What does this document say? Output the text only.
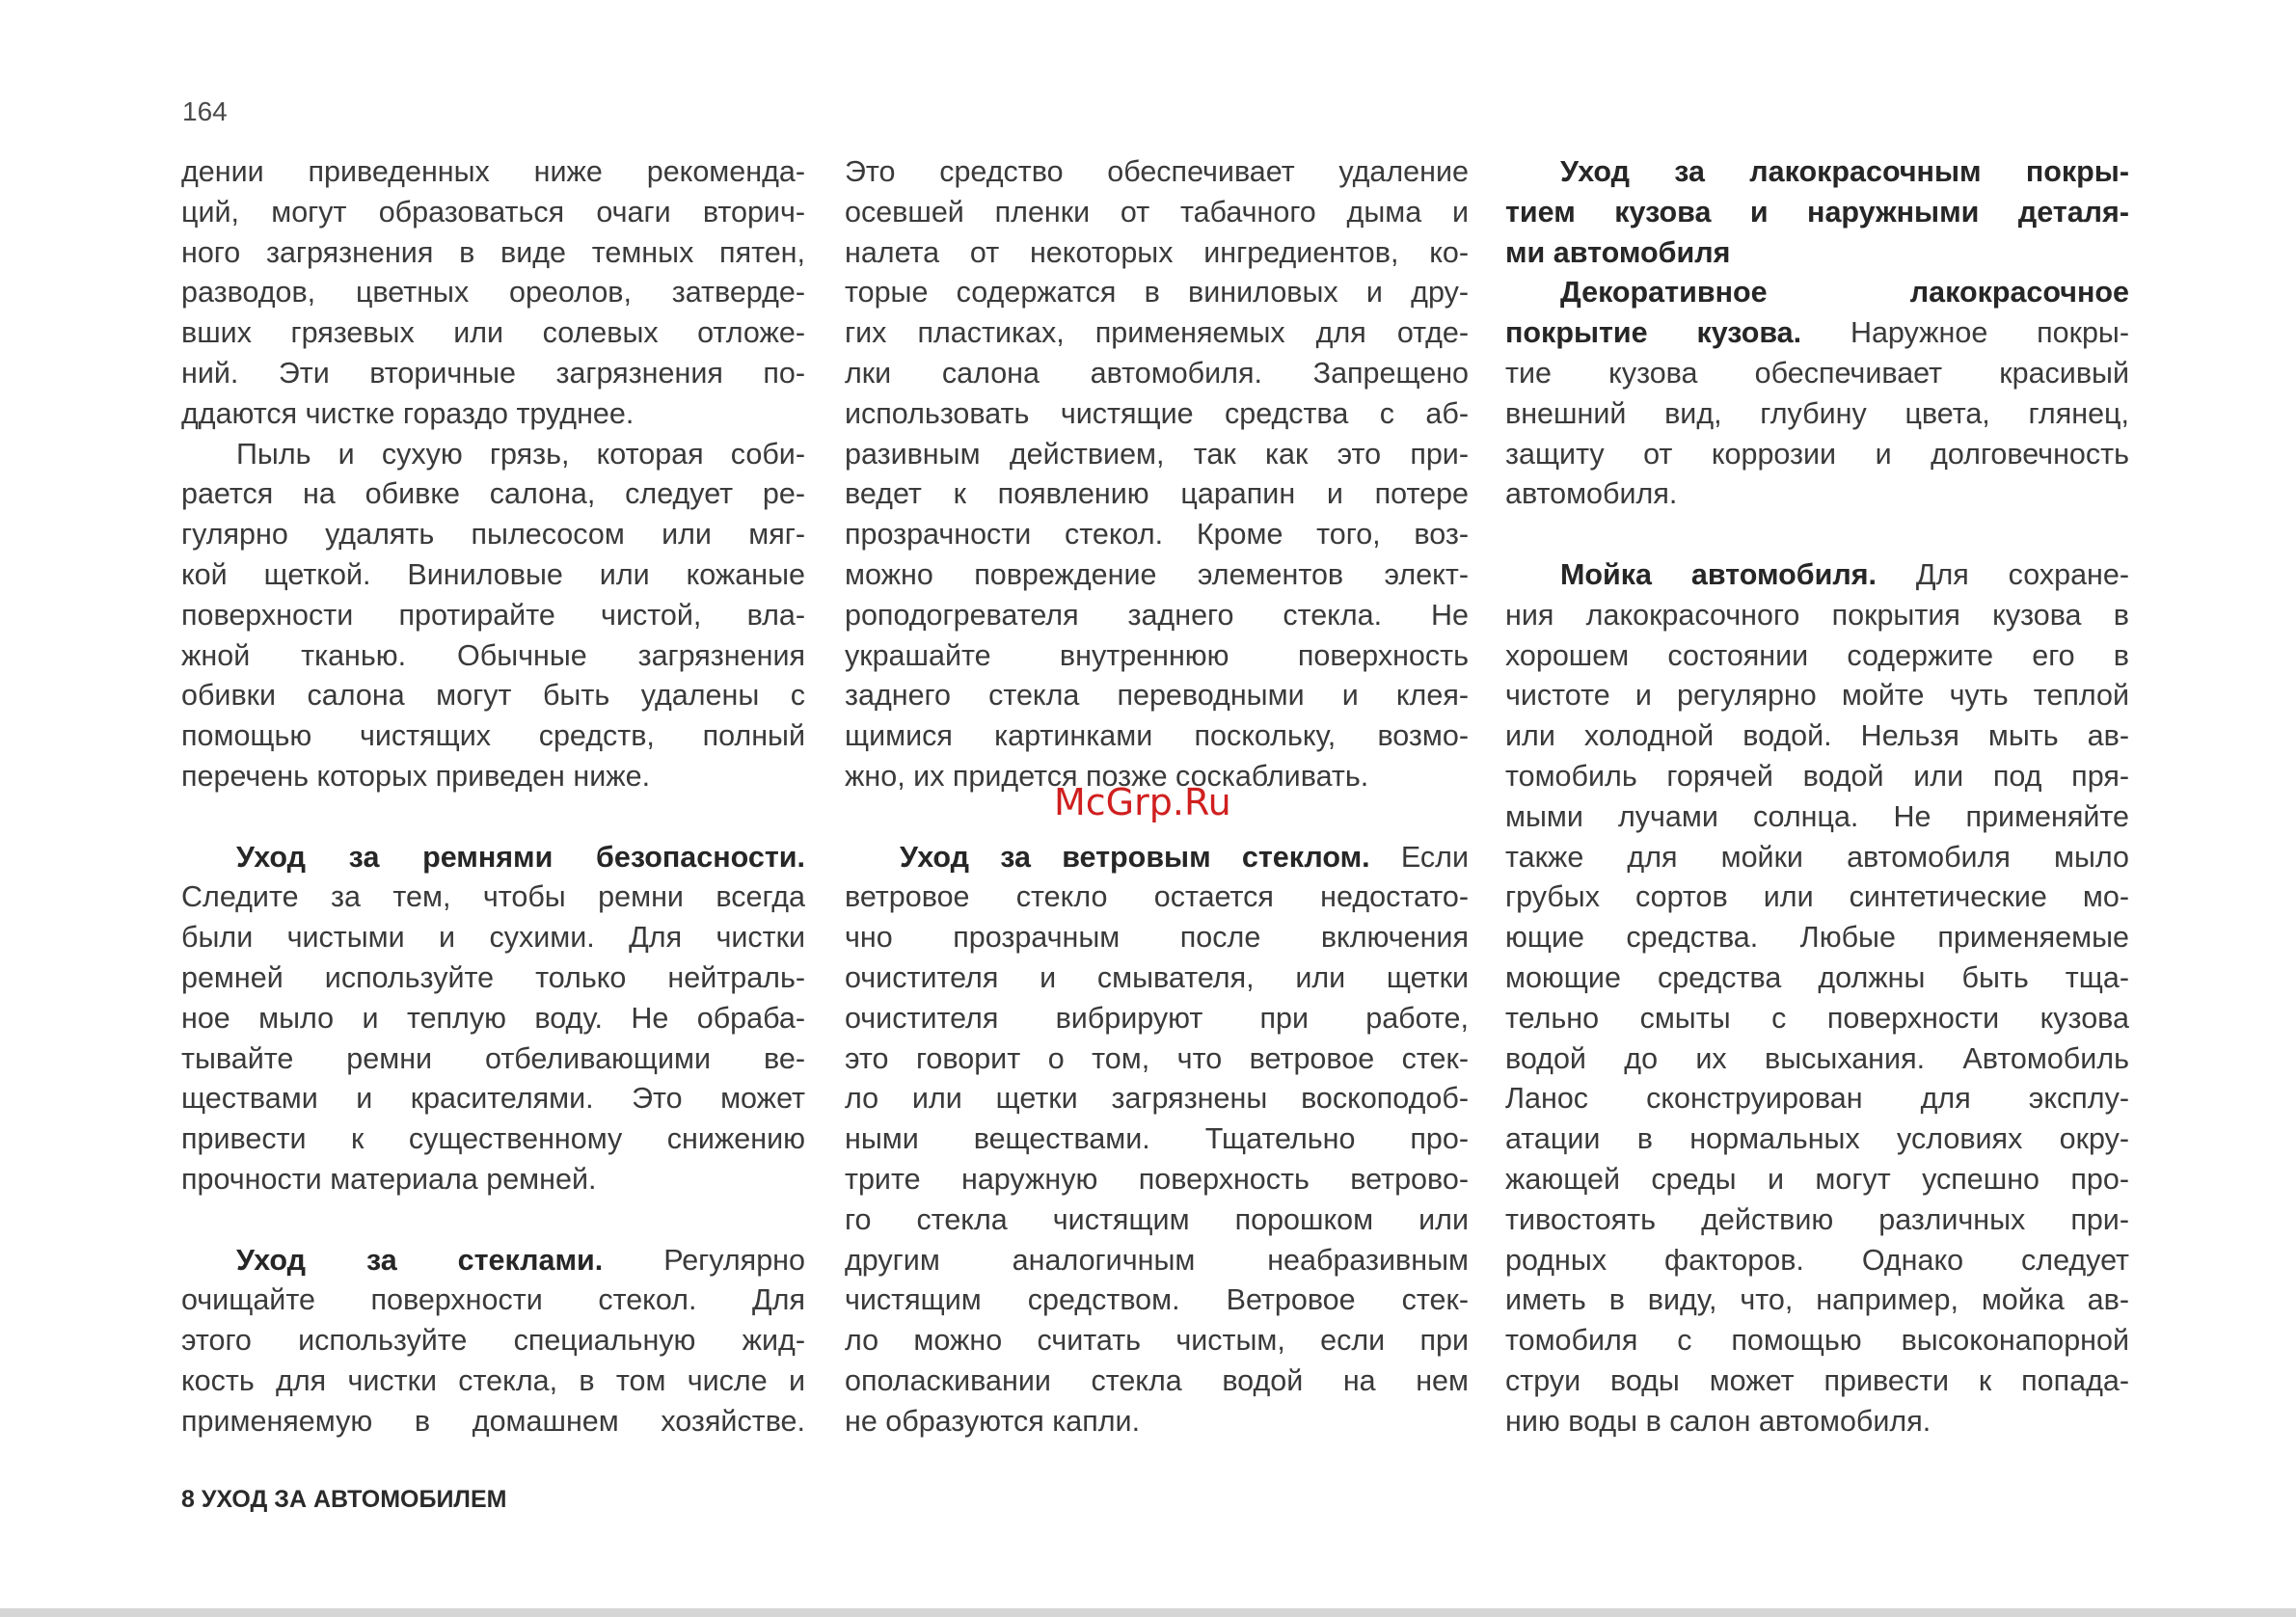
164
дении приведенных ниже рекоменда-
ций, могут образоваться очаги вторич-
ного загрязнения в виде темных пятен,
разводов, цветных ореолов, затверде-
вших грязевых или солевых отложе-
ний. Эти вторичные загрязнения по-
ддаются чистке гораздо труднее.
Пыль и сухую грязь, которая соби-
рается на обивке салона, следует ре-
гулярно удалять пылесосом или мяг-
кой щеткой. Виниловые или кожаные
поверхности протирайте чистой, вла-
жной тканью. Обычные загрязнения
обивки салона могут быть удалены с
помощью чистящих средств, полный
перечень которых приведен ниже.
Уход за ремнями безопасности.
Следите за тем, чтобы ремни всегда
были чистыми и сухими. Для чистки
ремней используйте только нейтраль-
ное мыло и теплую воду. Не обраба-
тывайте ремни отбеливающими ве-
ществами и красителями. Это может
привести к существенному снижению
прочности материала ремней.
Уход за стеклами. Регулярно
очищайте поверхности стекол. Для
этого используйте специальную жид-
кость для чистки стекла, в том числе и
применяемую в домашнем хозяйстве.
Это средство обеспечивает удаление
осевшей пленки от табачного дыма и
налета от некоторых ингредиентов, ко-
торые содержатся в виниловых и дру-
гих пластиках, применяемых для отде-
лки салона автомобиля. Запрещено
использовать чистящие средства с аб-
разивным действием, так как это при-
ведет к появлению царапин и потере
прозрачности стекол. Кроме того, воз-
можно повреждение элементов элект-
роподогревателя заднего стекла. Не
украшайте внутреннюю поверхность
заднего стекла переводными и клея-
щимися картинками поскольку, возмо-
жно, их придется позже соскабливать.
Уход за ветровым стеклом. Если
ветровое стекло остается недостато-
чно прозрачным после включения
очистителя и смывателя, или щетки
очистителя вибрируют при работе,
это говорит о том, что ветровое стек-
ло или щетки загрязнены воскоподоб-
ными веществами. Тщательно про-
трите наружную поверхность ветрово-
го стекла чистящим порошком или
другим аналогичным неабразивным
чистящим средством. Ветровое стек-
ло можно считать чистым, если при
ополаскивании стекла водой на нем
не образуются капли.
Уход за лакокрасочным покры-
тием кузова и наружными деталя-
ми автомобиля
Декоративное лакокрасочное
покрытие кузова. Наружное покры-
тие кузова обеспечивает красивый
внешний вид, глубину цвета, глянец,
защиту от коррозии и долговечность
автомобиля.
Мойка автомобиля. Для сохране-
ния лакокрасочного покрытия кузова в
хорошем состоянии содержите его в
чистоте и регулярно мойте чуть теплой
или холодной водой. Нельзя мыть ав-
томобиль горячей водой или под пря-
мыми лучами солнца. Не применяйте
также для мойки автомобиля мыло
грубых сортов или синтетические мо-
ющие средства. Любые применяемые
моющие средства должны быть тща-
тельно смыты с поверхности кузова
водой до их высыхания. Автомобиль
Ланос сконструирован для эксплу-
атации в нормальных условиях окру-
жающей среды и могут успешно про-
тивостоять действию различных при-
родных факторов. Однако следует
иметь в виду, что, например, мойка ав-
томобиля с помощью высоконапорной
струи воды может привести к попада-
нию воды в салон автомобиля.
McGrp.Ru
8 УХОД ЗА АВТОМОБИЛЕМ
